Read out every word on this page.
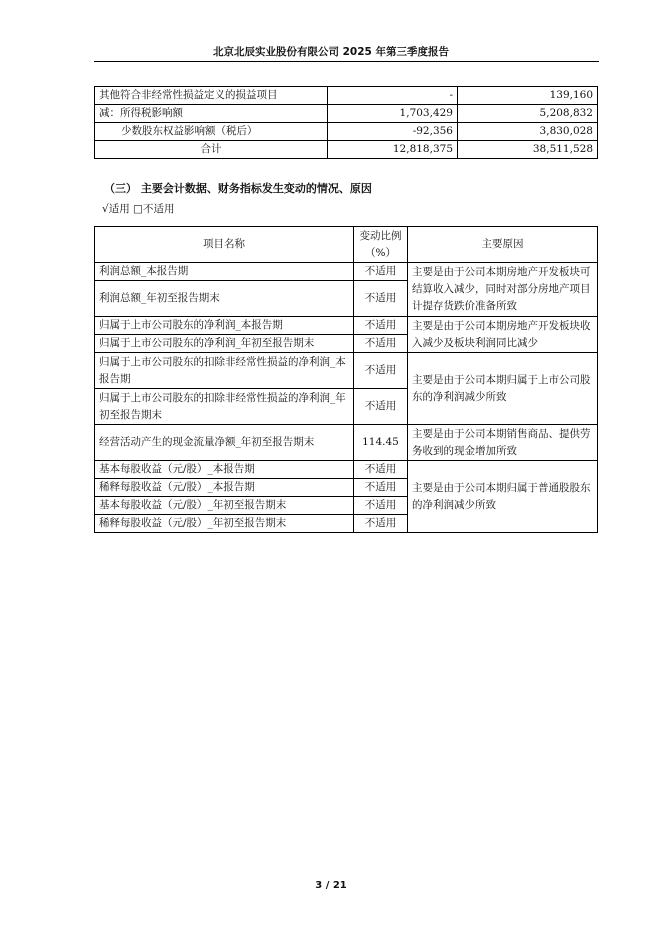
北京北辰实业股份有限公司 2025 年第三季度报告
其他符合非经常性损益定义的损益项目	-	139,160
减：所得税影响额	1,703,429	5,208,832
少数股东权益影响额（税后）	-92,356	3,830,028
合计	12,818,375	38,511,528
（三） 主要会计数据、财务指标发生变动的情况、原因
√适用 □不适用
项目名称	变动比例（%）	主要原因
利润总额_本报告期	不适用	主要是由于公司本期房地产开发板块可结算收入减少，同时对部分房地产项目计提存货跌价准备所致
利润总额_年初至报告期末	不适用	
归属于上市公司股东的净利润_本报告期	不适用	主要是由于公司本期房地产开发板块收入减少及板块利润同比减少
归属于上市公司股东的净利润_年初至报告期末	不适用	
归属于上市公司股东的扣除非经常性损益的净利润_本报告期	不适用	主要是由于公司本期归属于上市公司股东的净利润减少所致
归属于上市公司股东的扣除非经常性损益的净利润_年初至报告期末	不适用	
经营活动产生的现金流量净额_年初至报告期末	114.45	主要是由于公司本期销售商品、提供劳务收到的现金增加所致
基本每股收益（元/股）_本报告期	不适用	主要是由于公司本期归属于普通股股东的净利润减少所致
稀释每股收益（元/股）_本报告期	不适用	
基本每股收益（元/股）_年初至报告期末	不适用	
稀释每股收益（元/股）_年初至报告期末	不适用	
3 / 21
